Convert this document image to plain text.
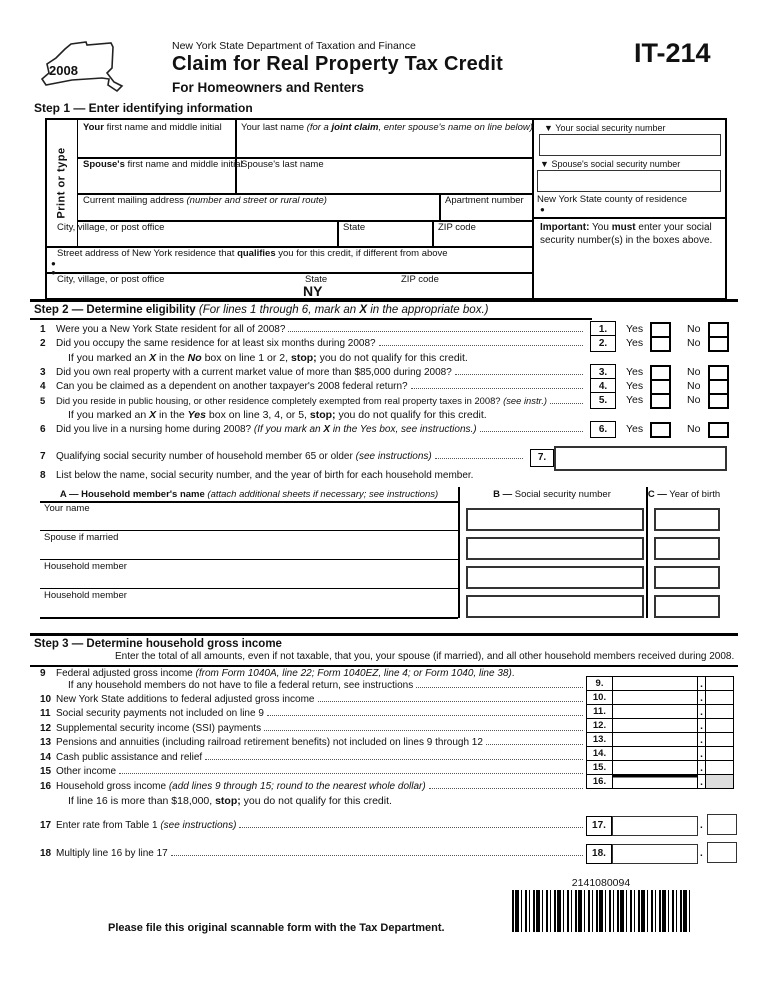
2008
New York State Department of Taxation and Finance
Claim for Real Property Tax Credit
For Homeowners and Renters
IT-214
Step 1 — Enter identifying information
Print or type
Your first name and middle initial Your last name (for a joint claim, enter spouse's name on line below)
Spouse's first name and middle initial
Spouse's last name
Current mailing address (number and street or rural route)	Apartment number
City, village, or post office	State	ZIP code
Street address of New York residence that qualifies you for this credit, if different from above
●
●
City, village, or post office	State
NY
ZIP code
▼ Your social security number
▼ Spouse's social security number
New York State county of residence
●
Important: You must enter your social security number(s) in the boxes above.
Step 2 — Determine eligibility (For lines 1 through 6, mark an X in the appropriate box.)
1	Were you a New York State resident for all of 2008?	1.	Yes	No
2	Did you occupy the same residence for at least six months during 2008?	2.	Yes	No
If you marked an X in the No box on line 1 or 2, stop; you do not qualify for this credit.
3	Did you own real property with a current market value of more than $85,000 during 2008?	3.	Yes	No
4	Can you be claimed as a dependent on another taxpayer's 2008 federal return?	4.	Yes	No
5	Did you reside in public housing, or other residence completely exempted from real property taxes in 2008? (see instr.)	5.	Yes	No
If you marked an X in the Yes box on line 3, 4, or 5, stop; you do not qualify for this credit.
6	Did you live in a nursing home during 2008? (If you mark an X in the Yes box, see instructions.)	6.	Yes	No
7	Qualifying social security number of household member 65 or older (see instructions)	7.
8	List below the name, social security number, and the year of birth for each household member.
A — Household member's name (attach additional sheets if necessary; see instructions)	B — Social security number	C — Year of birth
Your name
Spouse if married
Household member
Household member
Step 3 — Determine household gross income
Enter the total of all amounts, even if not taxable, that you, your spouse (if married), and all other household members received during 2008.
9	Federal adjusted gross income (from Form 1040A, line 22; Form 1040EZ, line 4; or Form 1040, line 38).
If any household members do not have to file a federal return, see instructions
10 New York State additions to federal adjusted gross income
11 Social security payments not included on line 9
12 Supplemental security income (SSI) payments
13 Pensions and annuities (including railroad retirement benefits) not included on lines 9 through 12
14 Cash public assistance and relief
15 Other income
16 Household gross income (add lines 9 through 15; round to the nearest whole dollar)
If line 16 is more than $18,000, stop; you do not qualify for this credit.
9.	.
10.	.
11.	.
12.	.
13.	.
14.	.
15.	.
16.	.
17 Enter rate from Table 1 (see instructions)	17.	.
18 Multiply line 16 by line 17	18.	.
2141080094
Please file this original scannable form with the Tax Department.
